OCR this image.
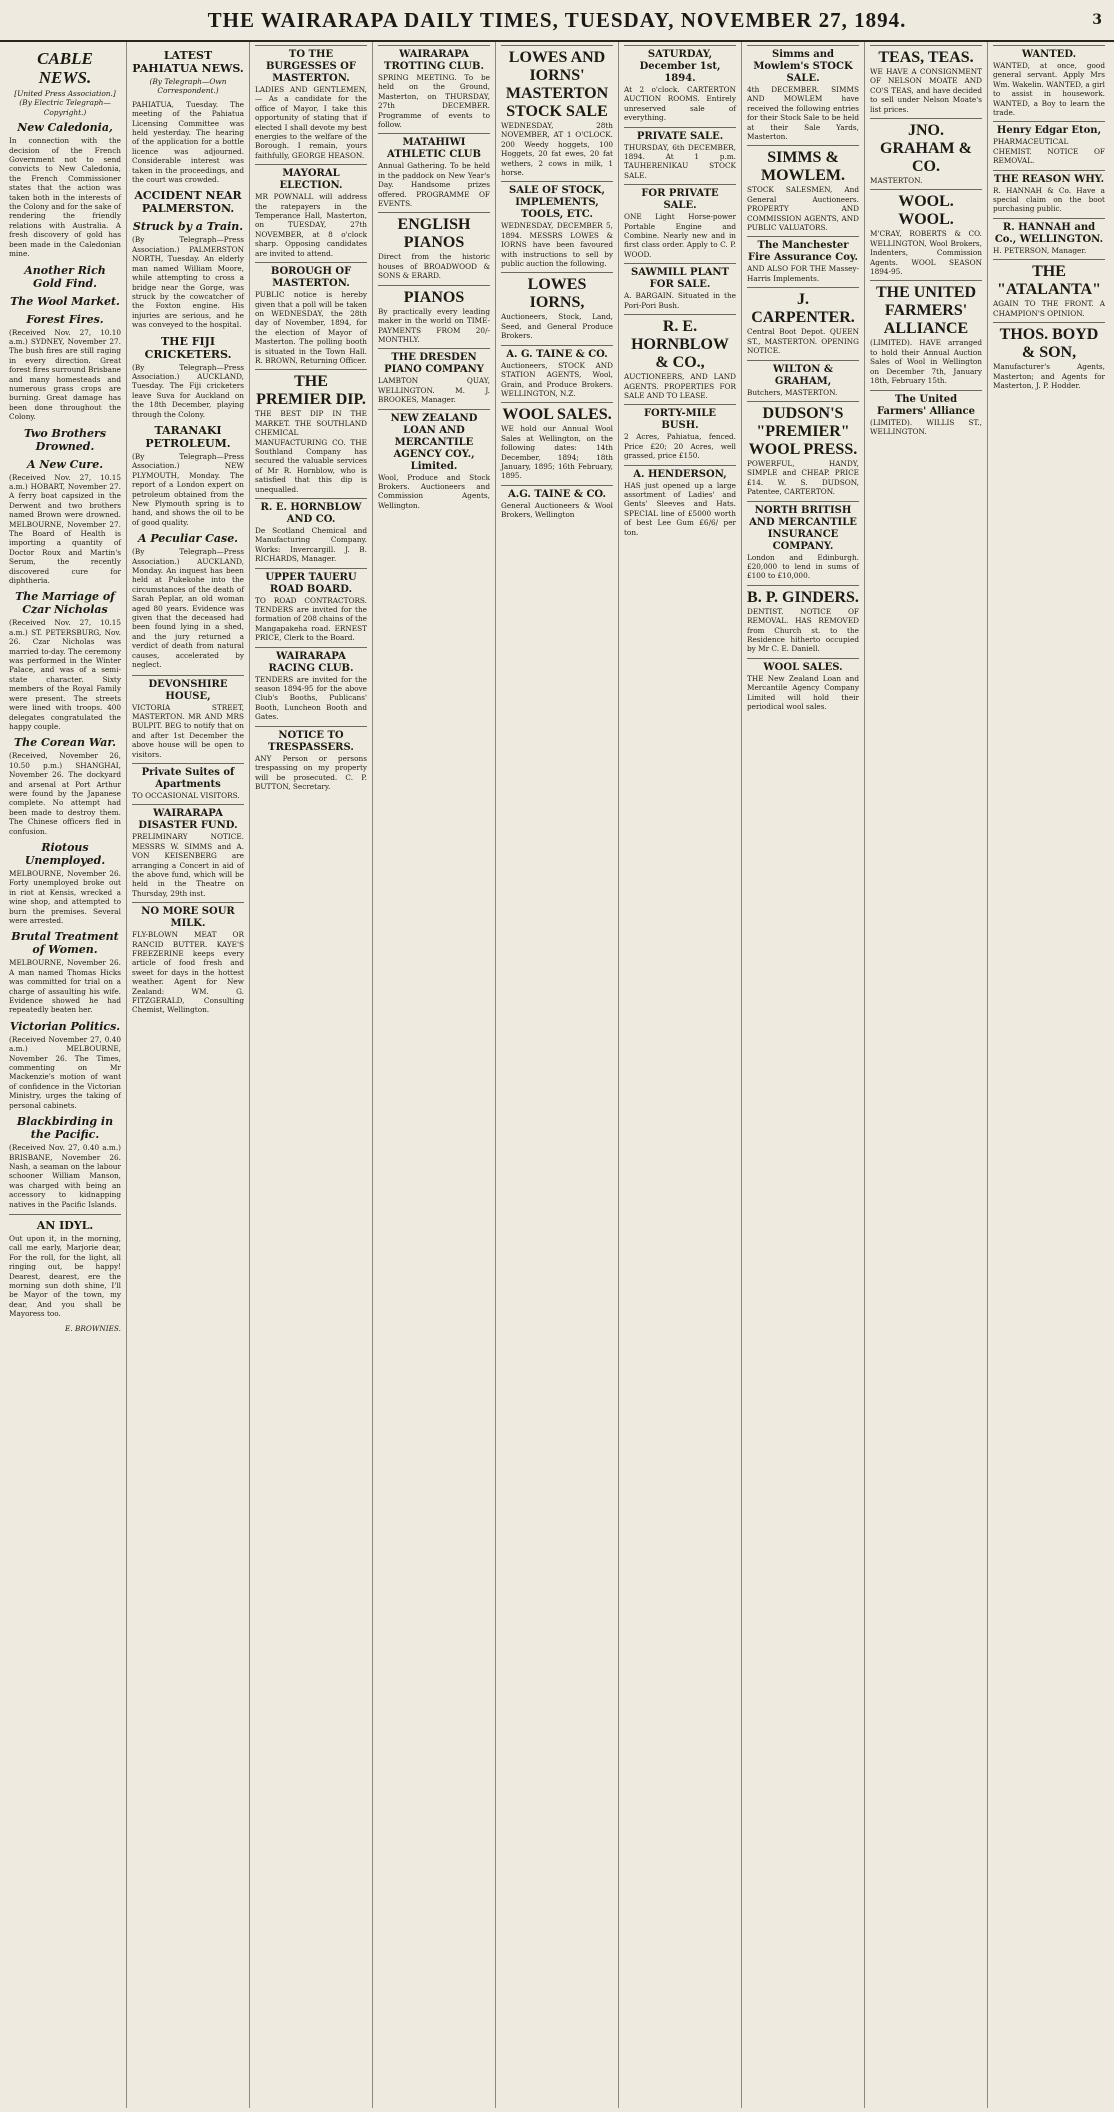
THE WAIRARAPA DAILY TIMES, TUESDAY, NOVEMBER 27, 1894.	3
CABLE NEWS.
[United Press Association.] (By Electric Telegraph—Copyright.)
New Caledonia,
In connection with the decision of the French Government not to send convicts to New Caledonia, the French Commissioner states that the action was taken both in the interests of the Colony and for the sake of rendering the friendly relations with Australia. A fresh discovery of gold has been made in the Caledonian mine.
Another Rich Gold Find.
The Wool Market.
Forest Fires.
(Received Nov. 27, 10.10 a.m.) SYDNEY, November 27. The bush fires are still raging in every direction. Great forest fires surround Brisbane and many homesteads and numerous grass crops are burning. Great damage has been done throughout the Colony.
Two Brothers Drowned.
A New Cure.
(Received Nov. 27, 10.15 a.m.) HOBART, November 27. A ferry boat capsized in the Derwent and two brothers named Brown were drowned. MELBOURNE, November 27. The Board of Health is importing a quantity of Doctor Roux and Martin's Serum, the recently discovered cure for diphtheria.
The Marriage of Czar Nicholas
(Received Nov. 27, 10.15 a.m.) ST. PETERSBURG, Nov. 26. Czar Nicholas was married to-day. The ceremony was performed in the Winter Palace, and was of a semi-state character. Sixty members of the Royal Family were present. The streets were lined with troops. 400 delegates congratulated the happy couple.
The Corean War.
(Received, November 26, 10.50 p.m.) SHANGHAI, November 26. The dockyard and arsenal at Port Arthur were found by the Japanese complete. No attempt had been made to destroy them. The Chinese officers fled in confusion.
Riotous Unemployed.
MELBOURNE, November 26. Forty unemployed broke out in riot at Kensis, wrecked a wine shop, and attempted to burn the premises. Several were arrested.
Brutal Treatment of Women.
MELBOURNE, November 26. A man named Thomas Hicks was committed for trial on a charge of assaulting his wife. Evidence showed he had repeatedly beaten her.
Victorian Politics.
(Received November 27, 0.40 a.m.) MELBOURNE, November 26. The Times, commenting on Mr Mackenzie's motion of want of confidence in the Victorian Ministry, urges the taking of personal cabinets.
Blackbirding in the Pacific.
(Received Nov. 27, 0.40 a.m.) BRISBANE, November 26. Nash, a seaman on the labour schooner William Manson, was charged with being an accessory to kidnapping natives in the Pacific Islands.
AN IDYL.
Out upon it, in the morning, call me early, Marjorie dear, For the roll, for the light, all ringing out, be happy! Dearest, dearest, ere the morning sun doth shine, I'll be Mayor of the town, my dear, And you shall be Mayoress too.
E. BROWNIES.
LATEST PAHIATUA NEWS.
(By Telegraph—Own Correspondent.)
PAHIATUA, Tuesday. The meeting of the Pahiatua Licensing Committee was held yesterday. The hearing of the application for a bottle licence was adjourned. Considerable interest was taken in the proceedings, and the court was crowded.
ACCIDENT NEAR PALMERSTON.
Struck by a Train.
(By Telegraph—Press Association.) PALMERSTON NORTH, Tuesday. An elderly man named William Moore, while attempting to cross a bridge near the Gorge, was struck by the cowcatcher of the Foxton engine. His injuries are serious, and he was conveyed to the hospital.
THE FIJI CRICKETERS.
(By Telegraph—Press Association.) AUCKLAND, Tuesday. The Fiji cricketers leave Suva for Auckland on the 18th December, playing through the Colony.
TARANAKI PETROLEUM.
(By Telegraph—Press Association.) NEW PLYMOUTH, Monday. The report of a London expert on petroleum obtained from the New Plymouth spring is to hand, and shows the oil to be of good quality.
A Peculiar Case.
(By Telegraph—Press Association.) AUCKLAND, Monday. An inquest has been held at Pukekohe into the circumstances of the death of Sarah Peplar, an old woman aged 80 years. Evidence was given that the deceased had been found lying in a shed, and the jury returned a verdict of death from natural causes, accelerated by neglect.
DEVONSHIRE HOUSE,
VICTORIA STREET, MASTERTON. MR AND MRS BULPIT. BEG to notify that on and after 1st December the above house will be open to visitors.
Private Suites of Apartments
TO OCCASIONAL VISITORS.
WAIRARAPA DISASTER FUND.
PRELIMINARY NOTICE. MESSRS W. SIMMS and A. VON KEISENBERG are arranging a Concert in aid of the above fund, which will be held in the Theatre on Thursday, 29th inst.
NO MORE SOUR MILK.
FLY-BLOWN MEAT OR RANCID BUTTER. KAYE'S FREEZERINE keeps every article of food fresh and sweet for days in the hottest weather. Agent for New Zealand: WM. G. FITZGERALD, Consulting Chemist, Wellington.
TO THE BURGESSES OF MASTERTON.
LADIES AND GENTLEMEN,— As a candidate for the office of Mayor, I take this opportunity of stating that if elected I shall devote my best energies to the welfare of the Borough. I remain, yours faithfully, GEORGE HEASON.
MAYORAL ELECTION.
MR POWNALL will address the ratepayers in the Temperance Hall, Masterton, on TUESDAY, 27th NOVEMBER, at 8 o'clock sharp. Opposing candidates are invited to attend.
BOROUGH OF MASTERTON.
PUBLIC notice is hereby given that a poll will be taken on WEDNESDAY, the 28th day of November, 1894, for the election of Mayor of Masterton. The polling booth is situated in the Town Hall. R. BROWN, Returning Officer.
THE PREMIER DIP.
THE BEST DIP IN THE MARKET. THE SOUTHLAND CHEMICAL MANUFACTURING CO. THE Southland Company has secured the valuable services of Mr R. Hornblow, who is satisfied that this dip is unequalled.
R. E. HORNBLOW AND CO.
De Scotland Chemical and Manufacturing Company. Works: Invercargill. J. B. RICHARDS, Manager.
UPPER TAUERU ROAD BOARD.
TO ROAD CONTRACTORS. TENDERS are invited for the formation of 208 chains of the Mangapakeha road. ERNEST PRICE, Clerk to the Board.
WAIRARAPA RACING CLUB.
TENDERS are invited for the season 1894-95 for the above Club's Booths, Publicans' Booth, Luncheon Booth and Gates.
NOTICE TO TRESPASSERS.
ANY Person or persons trespassing on my property will be prosecuted. C. P. BUTTON, Secretary.
WAIRARAPA TROTTING CLUB.
SPRING MEETING. To be held on the Ground, Masterton, on THURSDAY, 27th DECEMBER. Programme of events to follow.
MATAHIWI ATHLETIC CLUB
Annual Gathering. To be held in the paddock on New Year's Day. Handsome prizes offered. PROGRAMME OF EVENTS.
ENGLISH PIANOS
Direct from the historic houses of BROADWOOD & SONS & ERARD.
PIANOS
By practically every leading maker in the world on TIME-PAYMENTS FROM 20/- MONTHLY.
THE DRESDEN PIANO COMPANY
LAMBTON QUAY, WELLINGTON. M. J. BROOKES, Manager.
NEW ZEALAND LOAN AND MERCANTILE AGENCY COY., Limited.
Wool, Produce and Stock Brokers. Auctioneers and Commission Agents, Wellington.
LOWES AND IORNS' MASTERTON STOCK SALE
WEDNESDAY, 28th NOVEMBER, AT 1 O'CLOCK. 200 Weedy hoggets, 100 Hoggets, 20 fat ewes, 20 fat wethers, 2 cows in milk, 1 horse.
SALE OF STOCK, IMPLEMENTS, TOOLS, ETC.
WEDNESDAY, DECEMBER 5, 1894. MESSRS LOWES & IORNS have been favoured with instructions to sell by public auction the following.
LOWES IORNS,
Auctioneers, Stock, Land, Seed, and General Produce Brokers.
A. G. TAINE & CO.
Auctioneers, STOCK AND STATION AGENTS, Wool, Grain, and Produce Brokers. WELLINGTON, N.Z.
WOOL SALES.
WE hold our Annual Wool Sales at Wellington, on the following dates: 14th December, 1894; 18th January, 1895; 16th February, 1895.
A.G. TAINE & CO.
General Auctioneers & Wool Brokers, Wellington
SATURDAY, December 1st, 1894.
At 2 o'clock. CARTERTON AUCTION ROOMS. Entirely unreserved sale of everything.
PRIVATE SALE.
THURSDAY, 6th DECEMBER, 1894. At 1 p.m. TAUHERENIKAU STOCK SALE.
FOR PRIVATE SALE.
ONE Light Horse-power Portable Engine and Combine. Nearly new and in first class order. Apply to C. P. WOOD.
SAWMILL PLANT FOR SALE.
A. BARGAIN. Situated in the Pori-Pori Bush.
R. E. HORNBLOW & CO.,
AUCTIONEERS, AND LAND AGENTS. PROPERTIES FOR SALE AND TO LEASE.
FORTY-MILE BUSH.
2 Acres, Pahiatua, fenced. Price £20; 20 Acres, well grassed, price £150.
A. HENDERSON,
HAS just opened up a large assortment of Ladies' and Gents' Sleeves and Hats. SPECIAL line of £5000 worth of best Lee Gum £6/6/ per ton.
Simms and Mowlem's STOCK SALE.
4th DECEMBER. SIMMS AND MOWLEM have received the following entries for their Stock Sale to be held at their Sale Yards, Masterton.
SIMMS & MOWLEM.
STOCK SALESMEN, And General Auctioneers. PROPERTY AND COMMISSION AGENTS, AND PUBLIC VALUATORS.
The Manchester Fire Assurance Coy.
AND ALSO FOR THE Massey-Harris Implements.
J. CARPENTER.
Central Boot Depot. QUEEN ST., MASTERTON. OPENING NOTICE.
WILTON & GRAHAM,
Butchers, MASTERTON.
DUDSON'S "PREMIER" WOOL PRESS.
POWERFUL, HANDY, SIMPLE and CHEAP. PRICE £14. W. S. DUDSON, Patentee, CARTERTON.
NORTH BRITISH AND MERCANTILE INSURANCE COMPANY.
London and Edinburgh. £20,000 to lend in sums of £100 to £10,000.
B. P. GINDERS.
DENTIST. NOTICE OF REMOVAL. HAS REMOVED from Church st. to the Residence hitherto occupied by Mr C. E. Daniell.
WOOL SALES.
THE New Zealand Loan and Mercantile Agency Company Limited will hold their periodical wool sales.
TEAS, TEAS.
WE HAVE A CONSIGNMENT OF NELSON MOATE AND CO'S TEAS, and have decided to sell under Nelson Moate's list prices.
JNO. GRAHAM & CO.
MASTERTON.
WOOL. WOOL.
M'CRAY, ROBERTS & CO. WELLINGTON, Wool Brokers, Indenters, Commission Agents. WOOL SEASON 1894-95.
THE UNITED FARMERS' ALLIANCE
(LIMITED). HAVE arranged to hold their Annual Auction Sales of Wool in Wellington on December 7th, January 18th, February 15th.
The United Farmers' Alliance
(LIMITED). WILLIS ST., WELLINGTON.
WANTED.
WANTED, at once, good general servant. Apply Mrs Wm. Wakelin. WANTED, a girl to assist in housework. WANTED, a Boy to learn the trade.
Henry Edgar Eton,
PHARMACEUTICAL CHEMIST. NOTICE OF REMOVAL.
THE REASON WHY.
R. HANNAH & Co. Have a special claim on the boot purchasing public.
R. HANNAH and Co., WELLINGTON.
H. PETERSON, Manager.
THE "ATALANTA"
AGAIN TO THE FRONT. A CHAMPION'S OPINION.
THOS. BOYD & SON,
Manufacturer's Agents, Masterton; and Agents for Masterton, J. P. Hodder.
